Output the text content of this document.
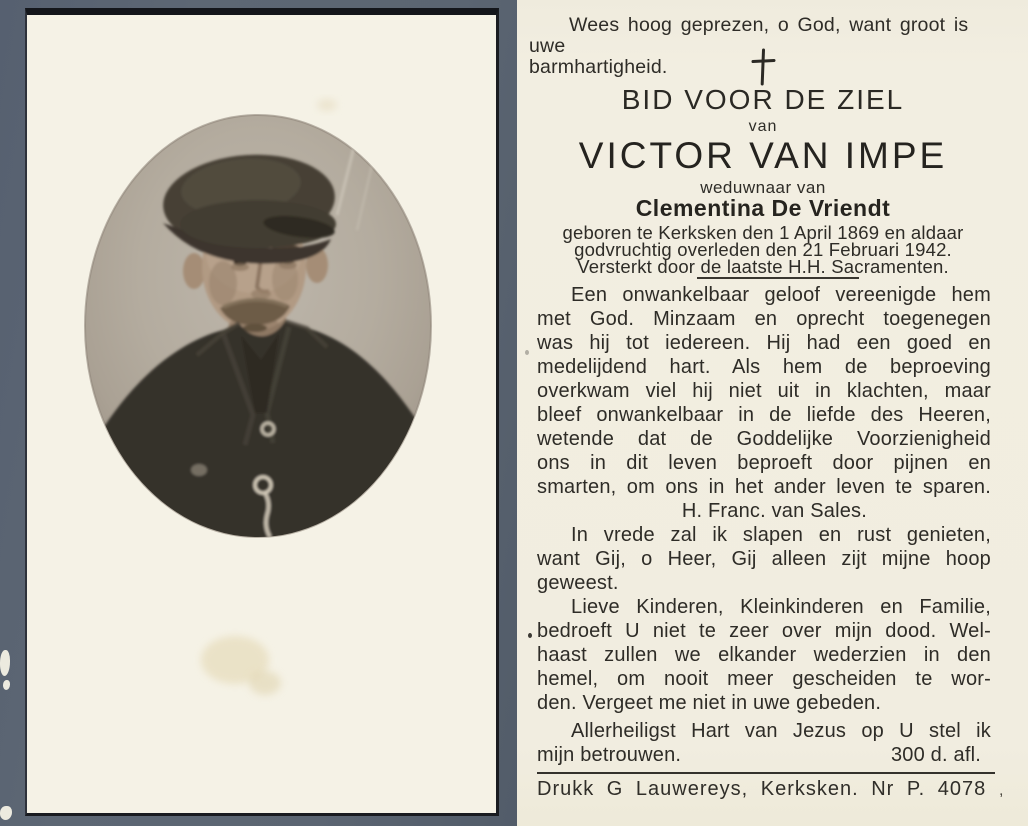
Wees hoog geprezen, o God, want groot is uwe
barmhartigheid.
BID VOOR DE ZIEL
van
VICTOR VAN IMPE
weduwnaar van
Clementina De Vriendt
geboren te Kerksken den 1 April 1869 en aldaar
godvruchtig overleden den 21 Februari 1942.
Versterkt door de laatste H.H. Sacramenten.
Een onwankelbaar geloof vereenigde hem
met God. Minzaam en oprecht toegenegen
was hij tot iedereen. Hij had een goed en
medelijdend hart. Als hem de beproeving
overkwam viel hij niet uit in klachten, maar
bleef onwankelbaar in de liefde des Heeren,
wetende dat de Goddelijke Voorzienigheid
ons in dit leven beproeft door pijnen en
smarten, om ons in het ander leven te sparen.
H. Franc. van Sales.
In vrede zal ik slapen en rust genieten,
want Gij, o Heer, Gij alleen zijt mijne hoop
geweest.
Lieve Kinderen, Kleinkinderen en Familie,
bedroeft U niet te zeer over mijn dood. Wel-
haast zullen we elkander wederzien in den
hemel, om nooit meer gescheiden te wor-
den. Vergeet me niet in uwe gebeden.
Allerheiligst Hart van Jezus op U stel ik
mijn betrouwen.	300 d. afl.
Drukk G Lauwereys, Kerksken. Nr P. 4078 ,
